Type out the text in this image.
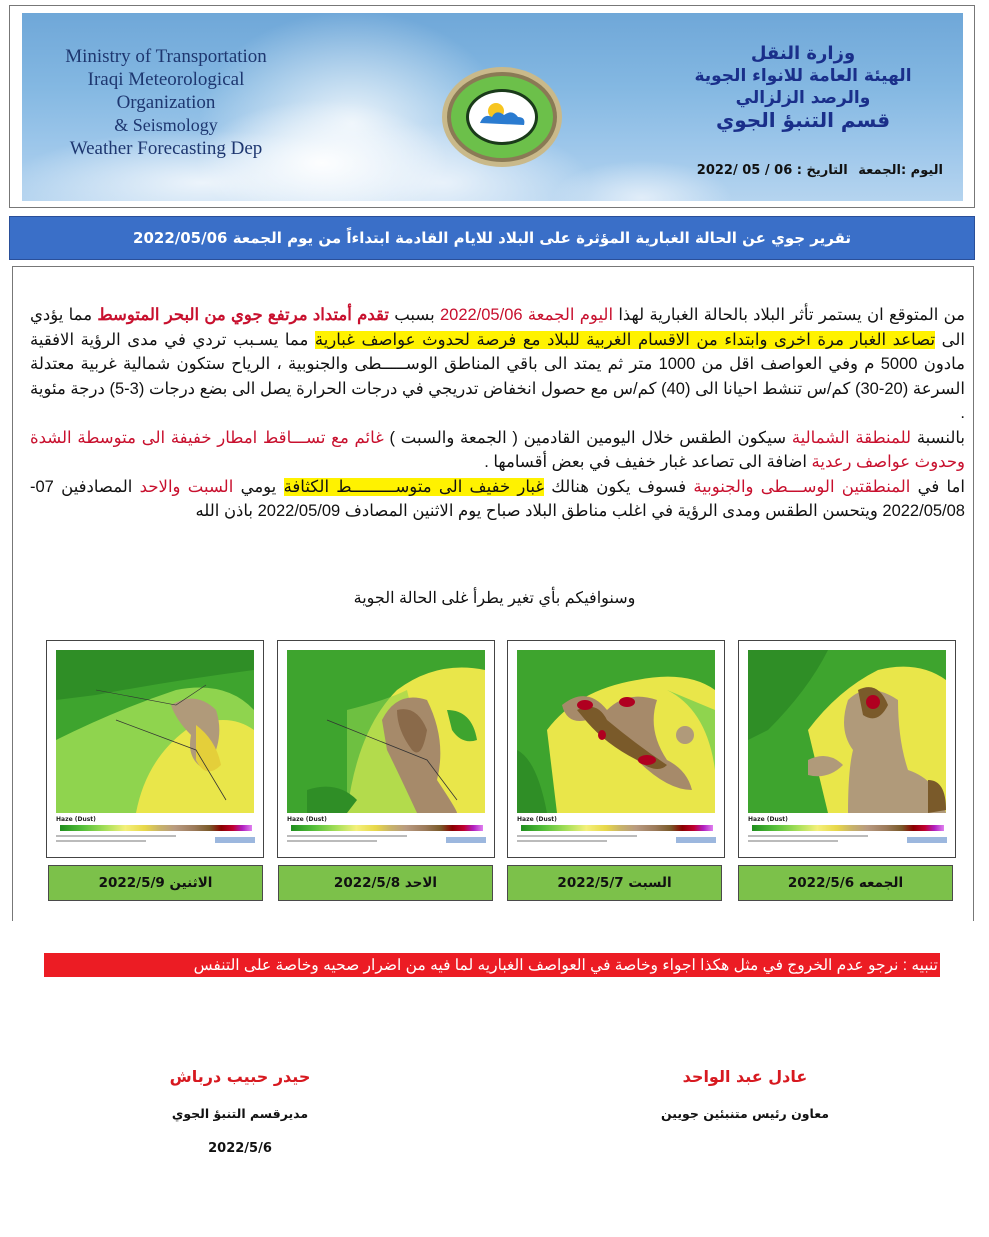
Ministry of Transportation
Iraqi Meteorological Organization
& Seismology
Weather Forecasting Dep
وزارة النقل
الهيئة العامة للانواء الجوية
والرصد الزلزالي
قسم التنبؤ الجوي
اليوم :الجمعة التاريخ : 06 / 05 /2022
تقرير جوي عن الحالة الغبارية المؤثرة على البلاد للايام القادمة ابتداءاً من يوم الجمعة 2022/05/06

من المتوقع ان يستمر تأثر البلاد بالحالة الغبارية لهذا اليوم الجمعة 2022/05/06 بسبب تقدم أمتداد مرتفع جوي من البحر المتوسط مما يؤدي الى تصاعد الغبار مرة اخرى وابتداء من الاقسام الغربية للبلاد مع فرصة لحدوث عواصف غبارية مما يسـبب تردي في مدى الرؤية الافقية مادون 5000 م وفي العواصف اقل من 1000 متر ثم يمتد الى باقي المناطق الوســـــطى والجنوبية ، الرياح ستكون شمالية غربية معتدلة السرعة (20-30) كم/س تنشط احيانا الى (40) كم/س مع حصول انخفاض تدريجي في درجات الحرارة يصل الى بضع درجات (3-5) درجة مئوية .

بالنسبة للمنطقة الشمالية سيكون الطقس خلال اليومين القادمين ( الجمعة والسبت ) غائم مع تســـاقط امطار خفيفة الى متوسطة الشدة وحدوث عواصف رعدية اضافة الى تصاعد غبار خفيف في بعض أقسامها .

اما في المنطقتين الوســـطى والجنوبية فسوف يكون هنالك غبار خفيف الى متوســـــــــط الكثافة يومي السبت والاحد المصادفين 07-2022/05/08 ويتحسن الطقس ومدى الرؤية في اغلب مناطق البلاد صباح يوم الاثنين المصادف 2022/05/09 باذن الله

وسنوافيكم بأي تغير يطرأ غلى الحالة الجوية
Haze (Dust)	Haze (Dust)	Haze (Dust)	Haze (Dust)
الاثنين 2022/5/9	الاحد 2022/5/8	السبت 2022/5/7	الجمعه 2022/5/6
تنبيه : نرجو عدم الخروج في مثل هكذا اجواء وخاصة في العواصف الغباريه لما فيه من اضرار صحيه وخاصة على التنفس
حيدر حبيب درباش
مديرقسم التنبؤ الجوي
2022/5/6
عادل عبد الواحد
معاون رئيس متنبئين جويين
